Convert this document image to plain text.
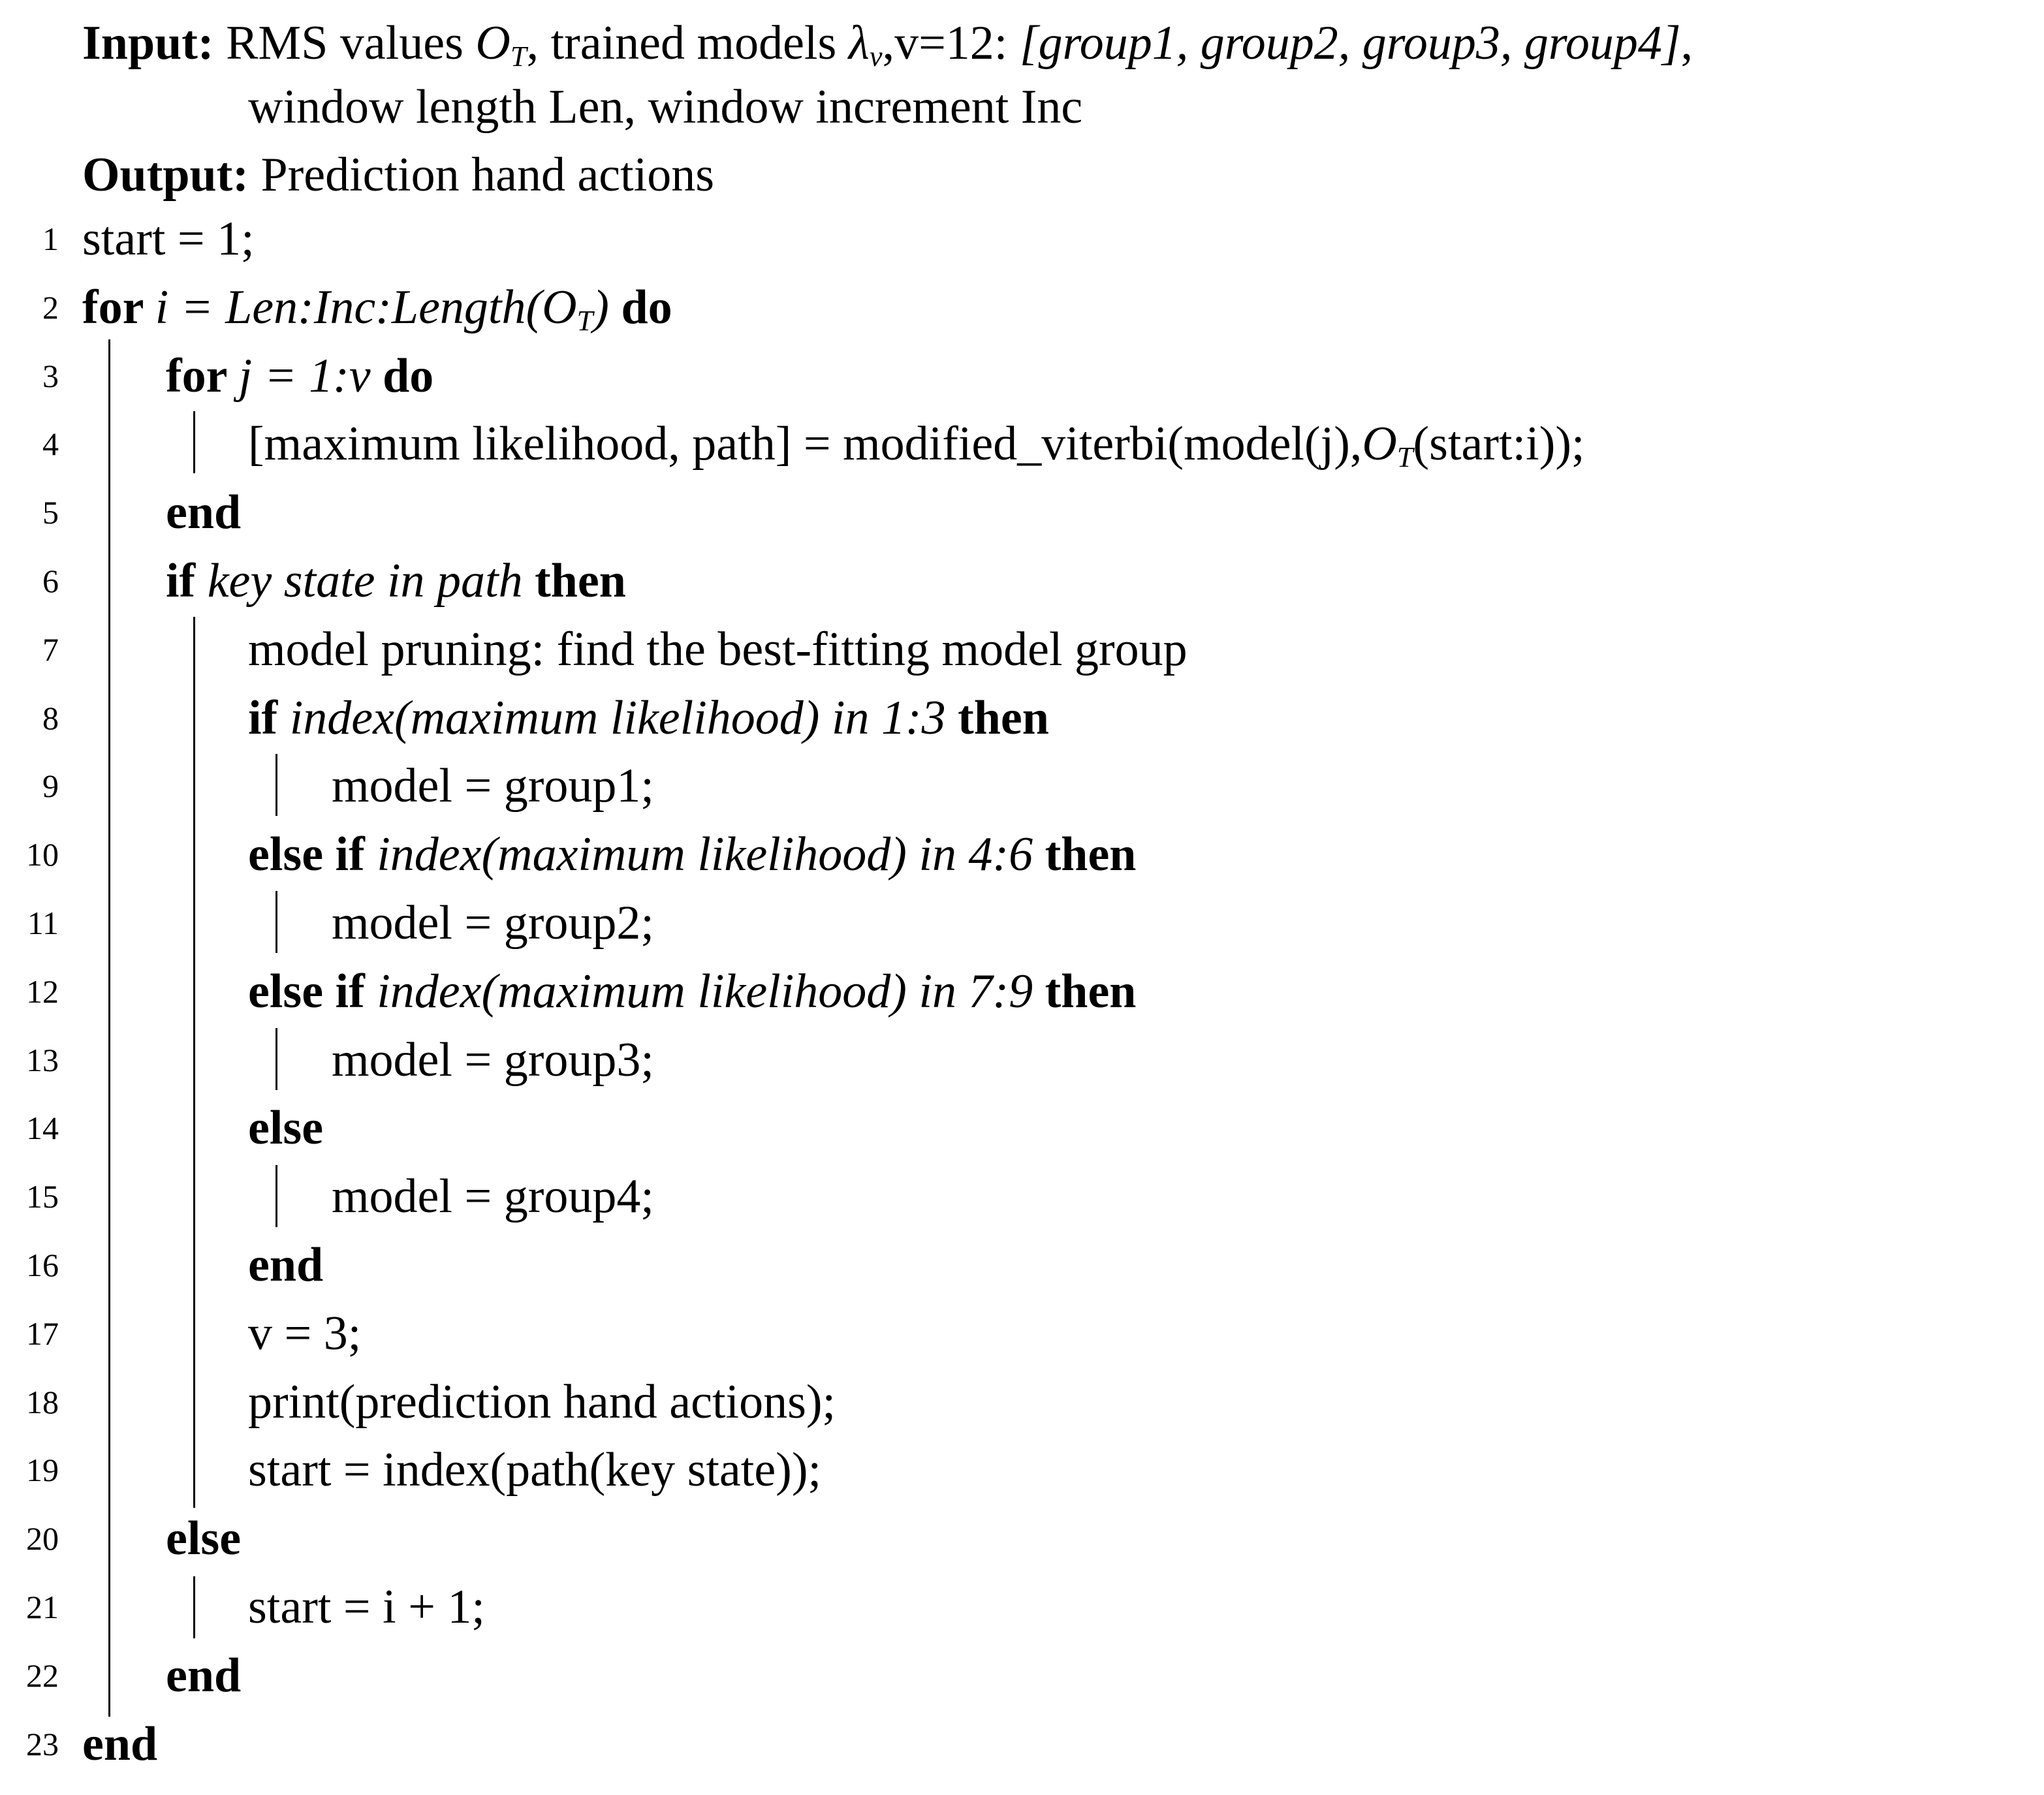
Input: RMS values $O_T$, trained models $\lambda_v,v=12$: [group1, group2, group3, group4],
window length Len, window increment Inc
Output: Prediction hand actions
1 start = 1;
2 for $i = Len:Inc:Length(O_T)$ do
3 for j = 1:v do
4	[maximum likelihood, path] = $modified\_viterbi(model(j),O_T(start:i))$;
5 end
6 if key state in path then
7	model pruning: find the best-fitting model group
8	if index(maximum likelihood) in 1:3 then
9	model = group1;
10	else if index(maximum likelihood) in 4:6 then
11	model = group2;
12	else if index(maximum likelihood) in 7:9 then
13	model = group3;
14	else
15	model = group4;
16	end
17	v = 3;
18	print(prediction hand actions);
19	start = index(path(key state));
20 else
21	start = i + 1;
22 end
23 end
